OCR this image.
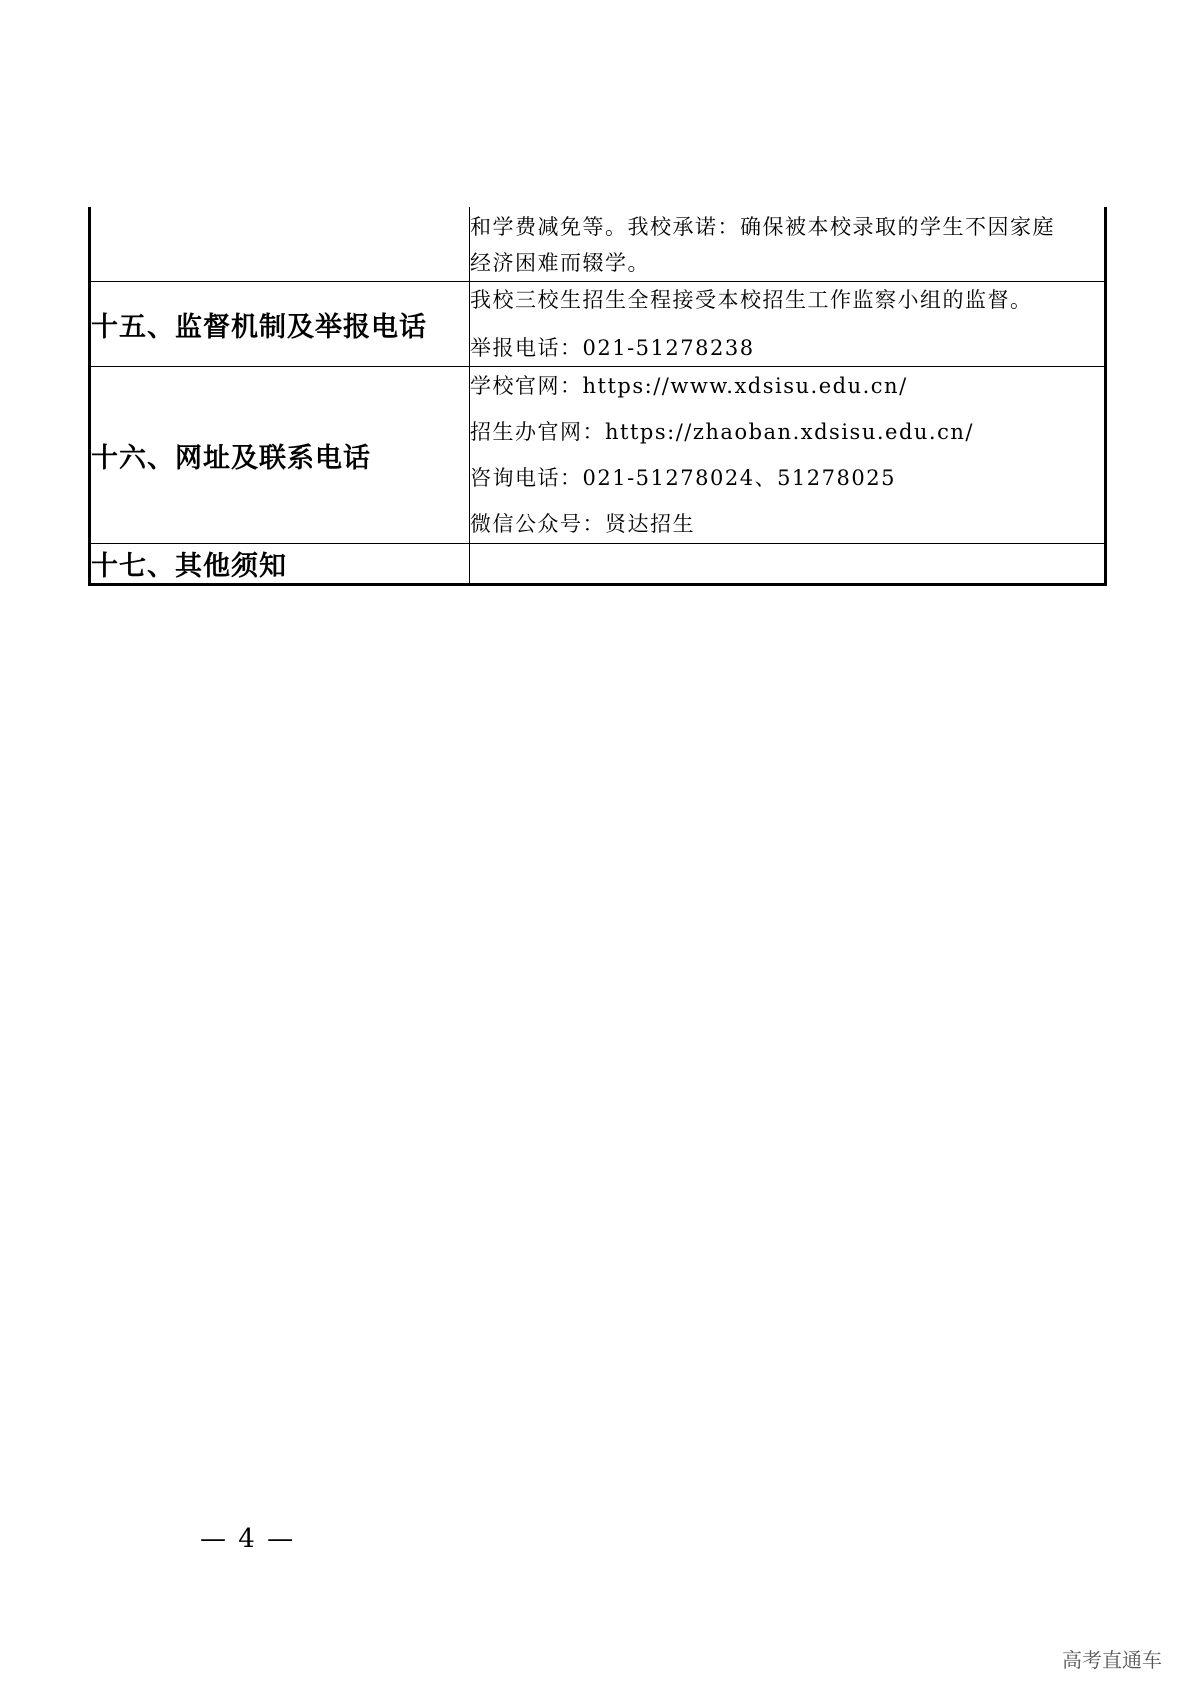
	和学费减免等。我校承诺：确保被本校录取的学生不因家庭

经济困难而辍学。

十五、监督机制及举报电话	我校三校生招生全程接受本校招生工作监察小组的监督。

举报电话：021-51278238

十六、网址及联系电话	学校官网：https://www.xdsisu.edu.cn/

招生办官网：https://zhaoban.xdsisu.edu.cn/

咨询电话：021-51278024、51278025

微信公众号：贤达招生

十七、其他须知	
— 4 —
高考直通车
